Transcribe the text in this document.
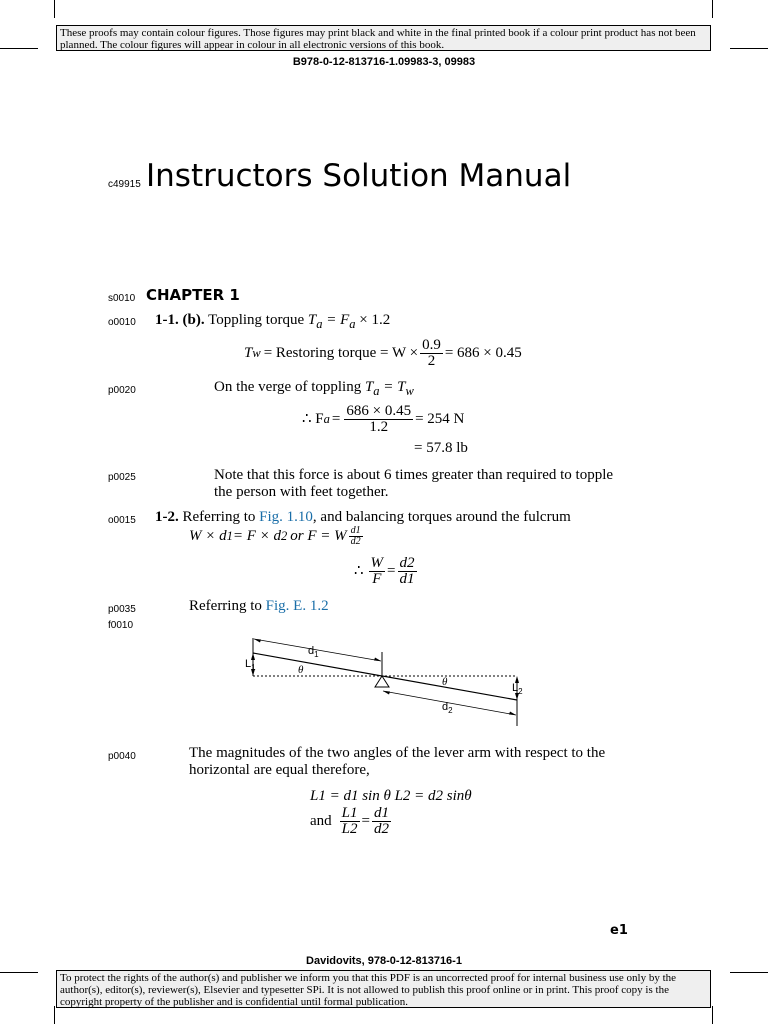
These proofs may contain colour figures. Those figures may print black and white in the final printed book if a colour print product has not been planned. The colour figures will appear in colour in all electronic versions of this book.
B978-0-12-813716-1.09983-3, 09983
c49915 Instructors Solution Manual
s0010 CHAPTER 1
o0010 1-1. (b). Toppling torque $T_a = F_a \times 1.2$
T w = Restoring torque = $W \times \frac{0.9}{2} = 686 \times 0.45$
p0020	On the verge of toppling $T_a = T_w$
∴ F $a = \frac{686 \times 0.45}{1.2} = 254$ N
= 57.8 lb
p0025	Note that this force is about 6 times greater than required to topple
the person with feet together.
o0015 1-2. Referring to Fig. 1.10, and balancing torques around the fulcrum
W × d 1 = F × d 2 or F = W $\frac{d1}{d2}$
∴ $\frac{W}{F} = \frac{d2}{d1}$
p0035	Referring to Fig. E. 1.2
f0010
$d_1$
$d_2$
$L_1$
$L_2$
θ
θ
p0040	The magnitudes of the two angles of the lever arm with respect to the
horizontal are equal therefore,
L1 = d1 sin θ L2 = d2 sinθ
and $\frac{L1}{L2} = \frac{d1}{d2}$
e1
Davidovits, 978-0-12-813716-1
To protect the rights of the author(s) and publisher we inform you that this PDF is an uncorrected proof for internal business use only by the author(s), editor(s), reviewer(s), Elsevier and typesetter SPi. It is not allowed to publish this proof online or in print. This proof copy is the copyright property of the publisher and is confidential until formal publication.
